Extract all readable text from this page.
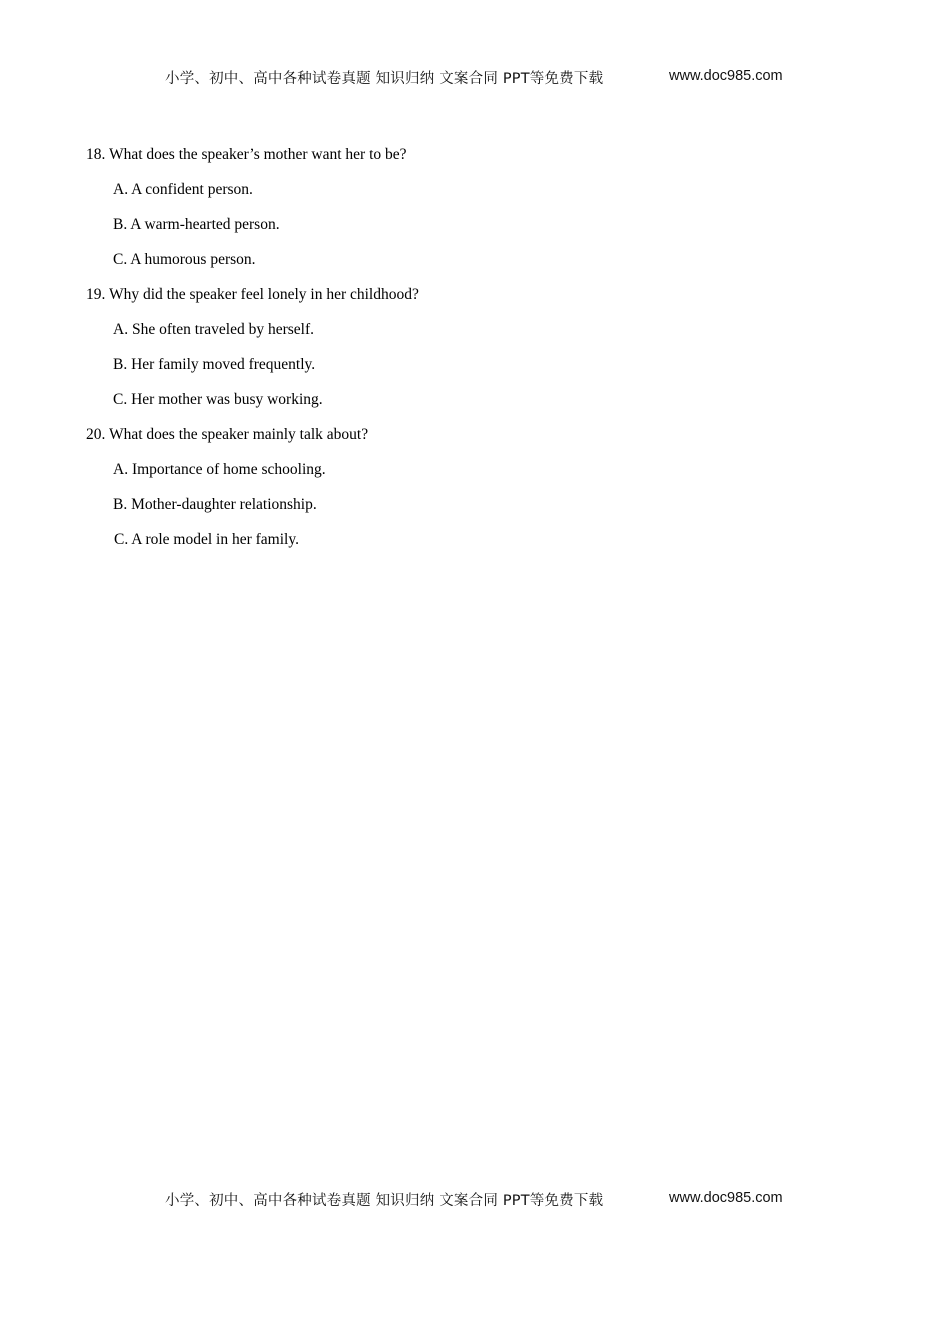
小学、初中、高中各种试卷真题 知识归纳 文案合同 PPT等免费下载	www.doc985.com
18. What does the speaker’s mother want her to be?
A. A confident person.
B. A warm-hearted person.
C. A humorous person.
19. Why did the speaker feel lonely in her childhood?
A. She often traveled by herself.
B. Her family moved frequently.
C. Her mother was busy working.
20. What does the speaker mainly talk about?
A. Importance of home schooling.
B. Mother-daughter relationship.
C. A role model in her family.
小学、初中、高中各种试卷真题 知识归纳 文案合同 PPT等免费下载	www.doc985.com
